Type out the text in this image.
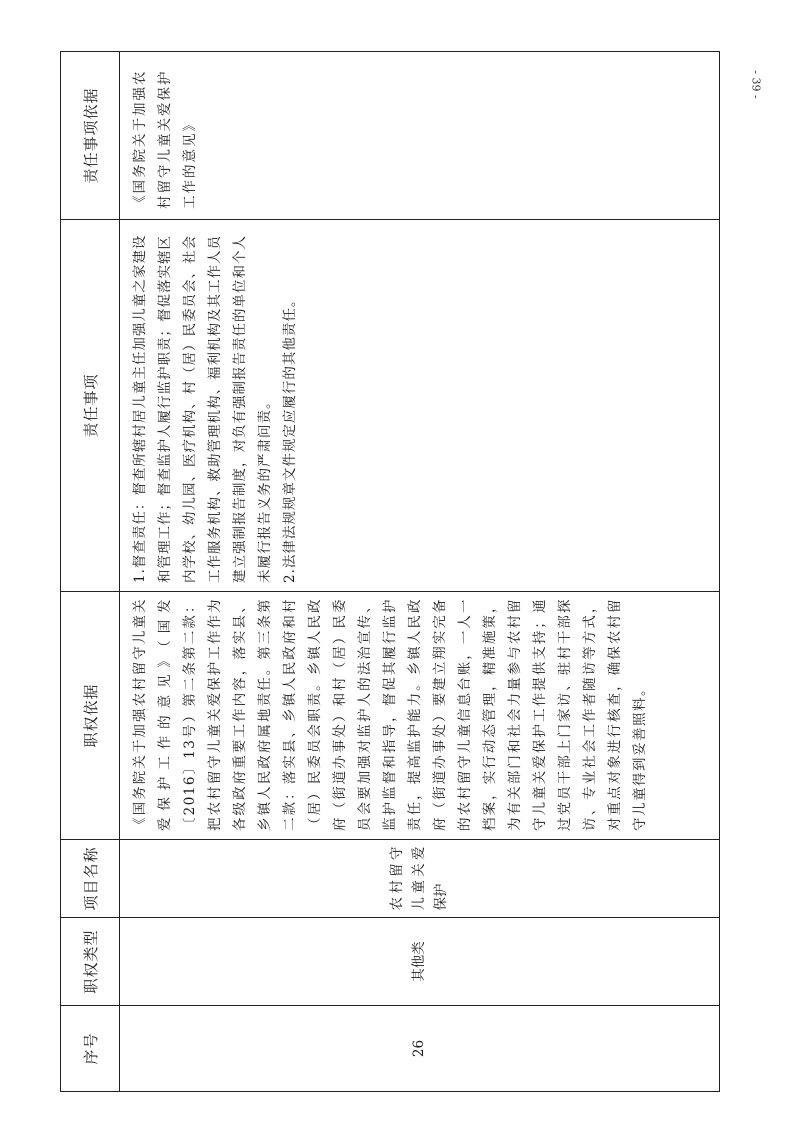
序号	职权类型	项目名称	职权依据	责任事项	责任事项依据
26	其他类	农村留守儿童关爱保护	《国务院关于加强农村留守儿童关爱保护工作的意见》（国发〔2016〕13号）第二条第二款：把农村留守儿童关爱保护工作作为各级政府重要工作内容，落实县、乡镇人民政府属地责任。第三条第二款：落实县、乡镇人民政府和村（居）民委员会职责。乡镇人民政府（街道办事处）和村（居）民委员会要加强对监护人的法治宣传、监护监督和指导，督促其履行监护责任，提高监护能力。乡镇人民政府（街道办事处）要建立翔实完备的农村留守儿童信息台账，一人一档案，实行动态管理，精准施策，为有关部门和社会力量参与农村留守儿童关爱保护工作提供支持；通过党员干部上门家访、驻村干部探访、专业社会工作者随访等方式，对重点对象进行核查，确保农村留守儿童得到妥善照料。	1.督查责任：督查所辖村居儿童主任加强儿童之家建设和管理工作；督查监护人履行监护职责；督促落实辖区内学校、幼儿园、医疗机构、村（居）民委员会、社会工作服务机构、救助管理机构、福利机构及其工作人员建立强制报告制度，对负有强制报告责任的单位和个人未履行报告义务的严肃问责。 2.法律法规规章文件规定应履行的其他责任。	《国务院关于加强农村留守儿童关爱保护工作的意见》
- 39 -
